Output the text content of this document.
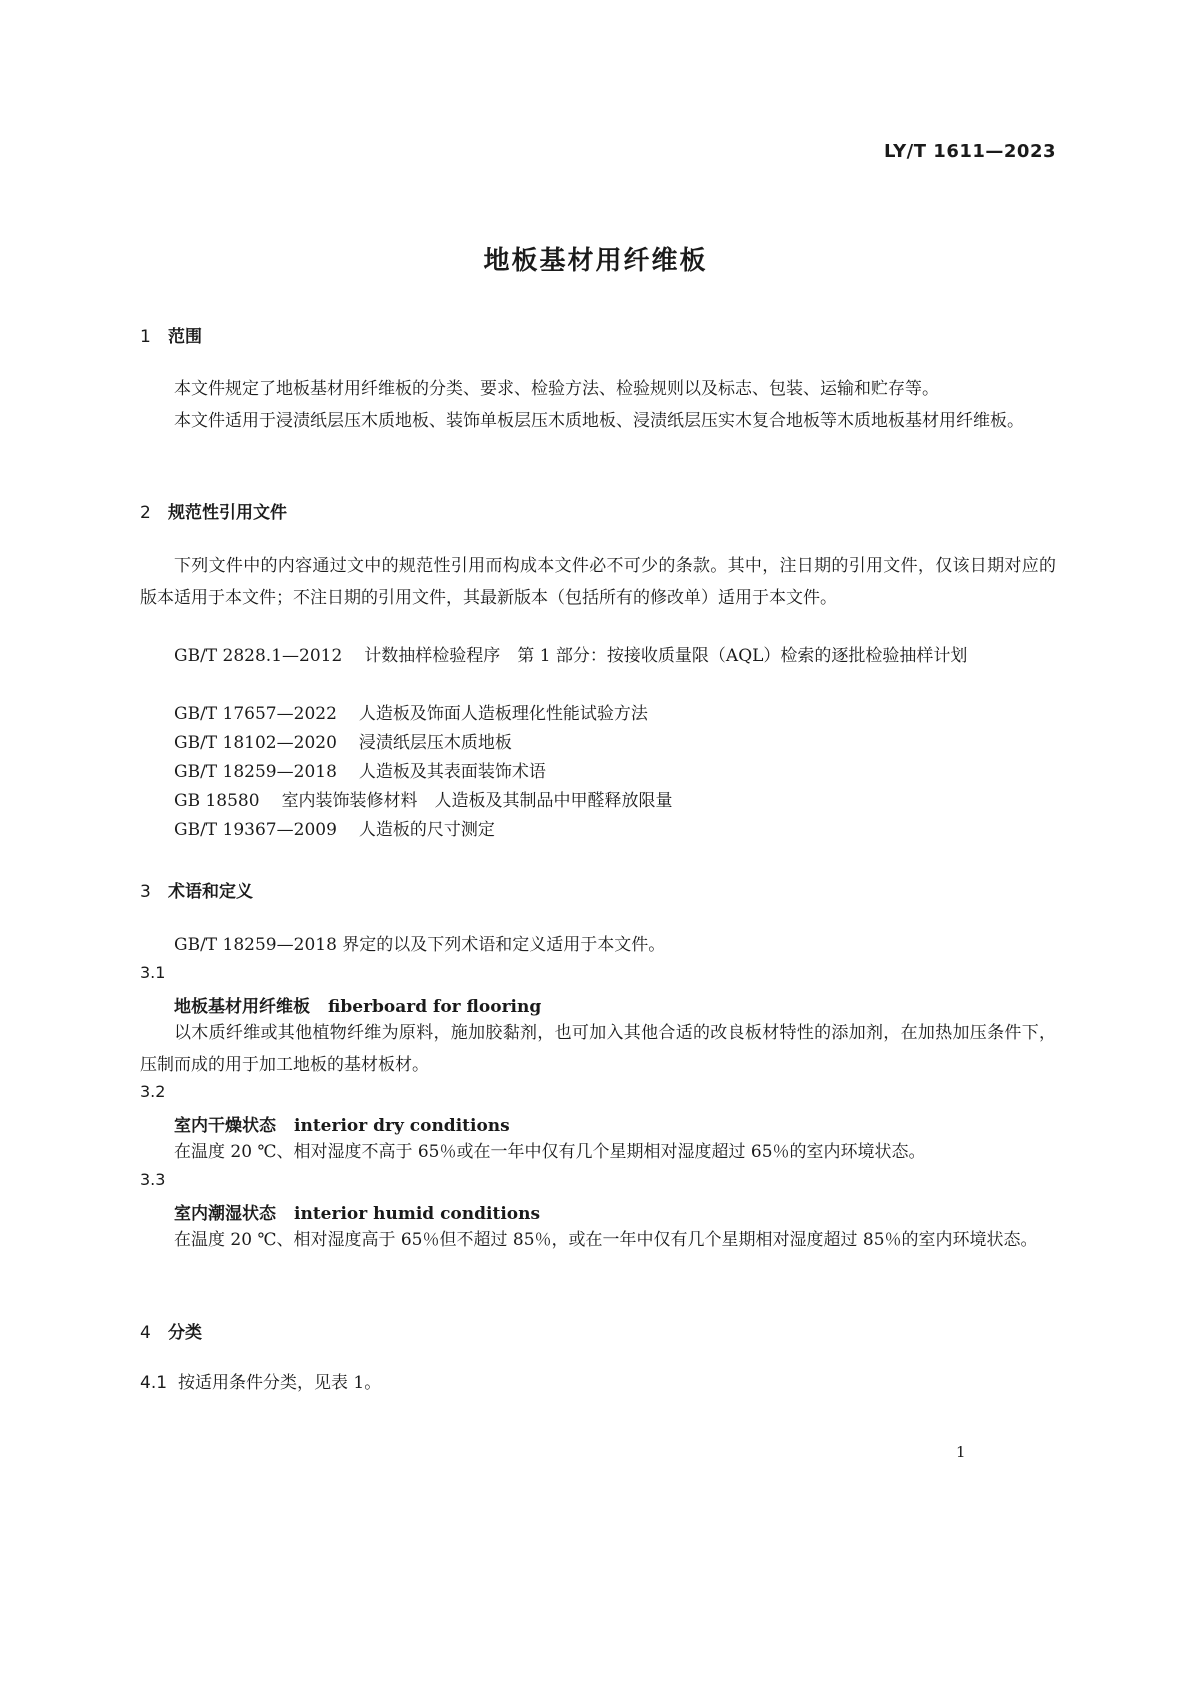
LY/T 1611—2023
地板基材用纤维板
1 范围
本文件规定了地板基材用纤维板的分类、要求、检验方法、检验规则以及标志、包装、运输和贮存等。
本文件适用于浸渍纸层压木质地板、装饰单板层压木质地板、浸渍纸层压实木复合地板等木质地板基材用纤维板。
2 规范性引用文件
下列文件中的内容通过文中的规范性引用而构成本文件必不可少的条款。其中，注日期的引用文件，仅该日期对应的版本适用于本文件；不注日期的引用文件，其最新版本（包括所有的修改单）适用于本文件。
GB/T 2828.1—2012 计数抽样检验程序　第 1 部分：按接收质量限（AQL）检索的逐批检验抽样计划
GB/T 17657—2022 人造板及饰面人造板理化性能试验方法
GB/T 18102—2020 浸渍纸层压木质地板
GB/T 18259—2018 人造板及其表面装饰术语
GB 18580 室内装饰装修材料　人造板及其制品中甲醛释放限量
GB/T 19367—2009 人造板的尺寸测定
3 术语和定义
GB/T 18259—2018 界定的以及下列术语和定义适用于本文件。
3.1
地板基材用纤维板 fiberboard for flooring
以木质纤维或其他植物纤维为原料，施加胶黏剂，也可加入其他合适的改良板材特性的添加剂，在加热加压条件下，压制而成的用于加工地板的基材板材。
3.2
室内干燥状态 interior dry conditions
在温度 20 ℃、相对湿度不高于 65％或在一年中仅有几个星期相对湿度超过 65％的室内环境状态。
3.3
室内潮湿状态 interior humid conditions
在温度 20 ℃、相对湿度高于 65％但不超过 85％，或在一年中仅有几个星期相对湿度超过 85％的室内环境状态。
4 分类
4.1 按适用条件分类，见表 1。
1
